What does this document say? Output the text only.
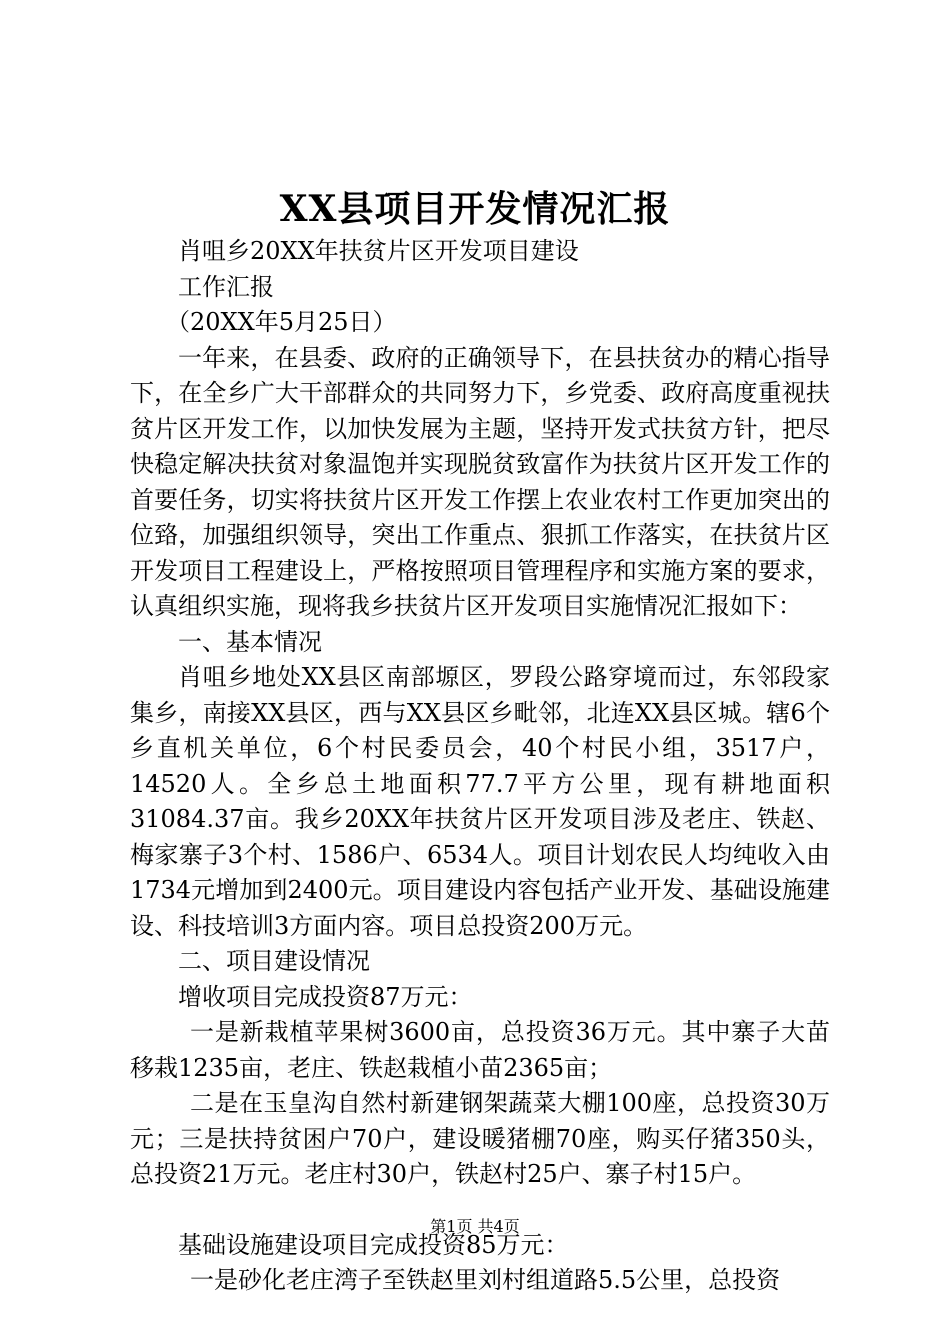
XX县项目开发情况汇报

肖咀乡20XX年扶贫片区开发项目建设

工作汇报

（20XX年5月25日）

一年来，在县委、政府的正确领导下，在县扶贫办的精心指导下，在全乡广大干部群众的共同努力下，乡党委、政府高度重视扶贫片区开发工作，以加快发展为主题，坚持开发式扶贫方针，把尽快稳定解决扶贫对象温饱并实现脱贫致富作为扶贫片区开发工作的首要任务，切实将扶贫片区开发工作摆上农业农村工作更加突出的位臵，加强组织领导，突出工作重点、狠抓工作落实，在扶贫片区开发项目工程建设上，严格按照项目管理程序和实施方案的要求，认真组织实施，现将我乡扶贫片区开发项目实施情况汇报如下：

一、基本情况

肖咀乡地处XX县区南部塬区，罗段公路穿境而过，东邻段家集乡，南接XX县区，西与XX县区乡毗邻，北连XX县区城。辖6个乡直机关单位，6个村民委员会，40个村民小组，3517户，14520人。全乡总土地面积77.7平方公里，现有耕地面积31084.37亩。我乡20XX年扶贫片区开发项目涉及老庄、铁赵、梅家寨子3个村、1586户、6534人。项目计划农民人均纯收入由1734元增加到2400元。项目建设内容包括产业开发、基础设施建设、科技培训3方面内容。项目总投资200万元。

二、项目建设情况

增收项目完成投资87万元：

一是新栽植苹果树3600亩，总投资36万元。其中寨子大苗移栽1235亩，老庄、铁赵栽植小苗2365亩；

二是在玉皇沟自然村新建钢架蔬菜大棚100座，总投资30万元；三是扶持贫困户70户，建设暖猪棚70座，购买仔猪350头，总投资21万元。老庄村30户，铁赵村25户、寨子村15户。

基础设施建设项目完成投资85万元：

一是砂化老庄湾子至铁赵里刘村组道路5.5公里，总投资

第1页 共4页
